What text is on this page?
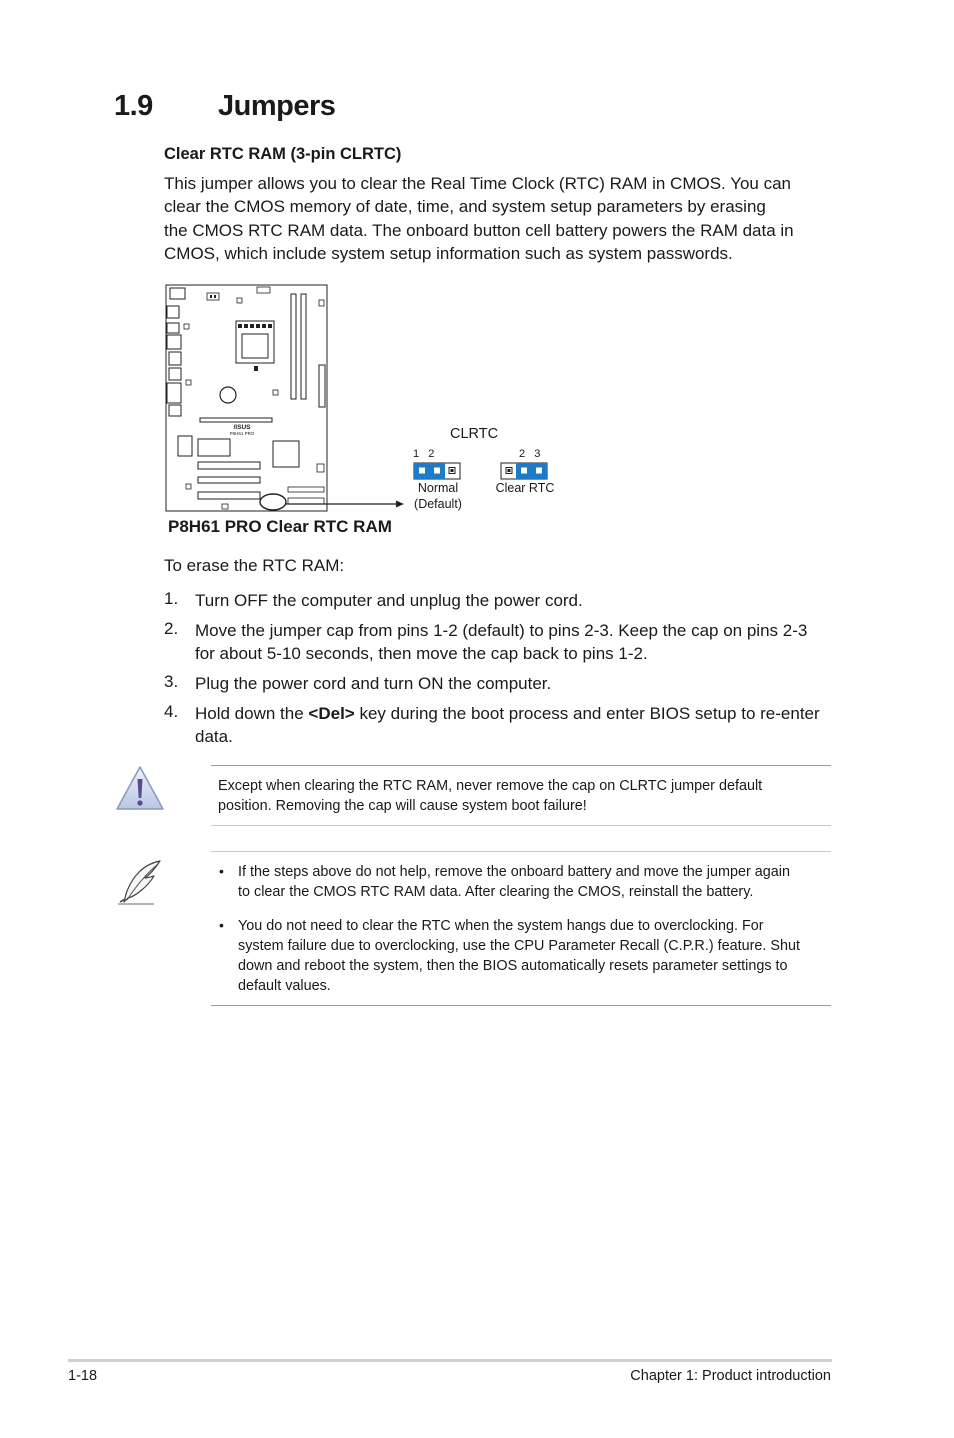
1.9 Jumpers
Clear RTC RAM (3-pin CLRTC)

This jumper allows you to clear the Real Time Clock (RTC) RAM in CMOS. You can
clear the CMOS memory of date, time, and system setup parameters by erasing
the CMOS RTC RAM data. The onboard button cell battery powers the RAM data in
CMOS, which include system setup information such as system passwords.

/ISUS
P8H61 PRO	CLRTC
1   2	2   3
Normal
(Default)
Clear RTC
P8H61 PRO Clear RTC RAM
To erase the RTC RAM:
1. Turn OFF the computer and unplug the power cord.
2. Move the jumper cap from pins 1-2 (default) to pins 2-3. Keep the cap on pins 2-3
for about 5-10 seconds, then move the cap back to pins 1-2.
3. Plug the power cord and turn ON the computer.
4. Hold down the <Del> key during the boot process and enter BIOS setup to re-enter
data.
Except when clearing the RTC RAM, never remove the cap on CLRTC jumper default
position. Removing the cap will cause system boot failure!
• If the steps above do not help, remove the onboard battery and move the jumper again
to clear the CMOS RTC RAM data. After clearing the CMOS, reinstall the battery.
• You do not need to clear the RTC when the system hangs due to overclocking. For
system failure due to overclocking, use the CPU Parameter Recall (C.P.R.) feature. Shut
down and reboot the system, then the BIOS automatically resets parameter settings to
default values.
1-18	Chapter 1: Product introduction
